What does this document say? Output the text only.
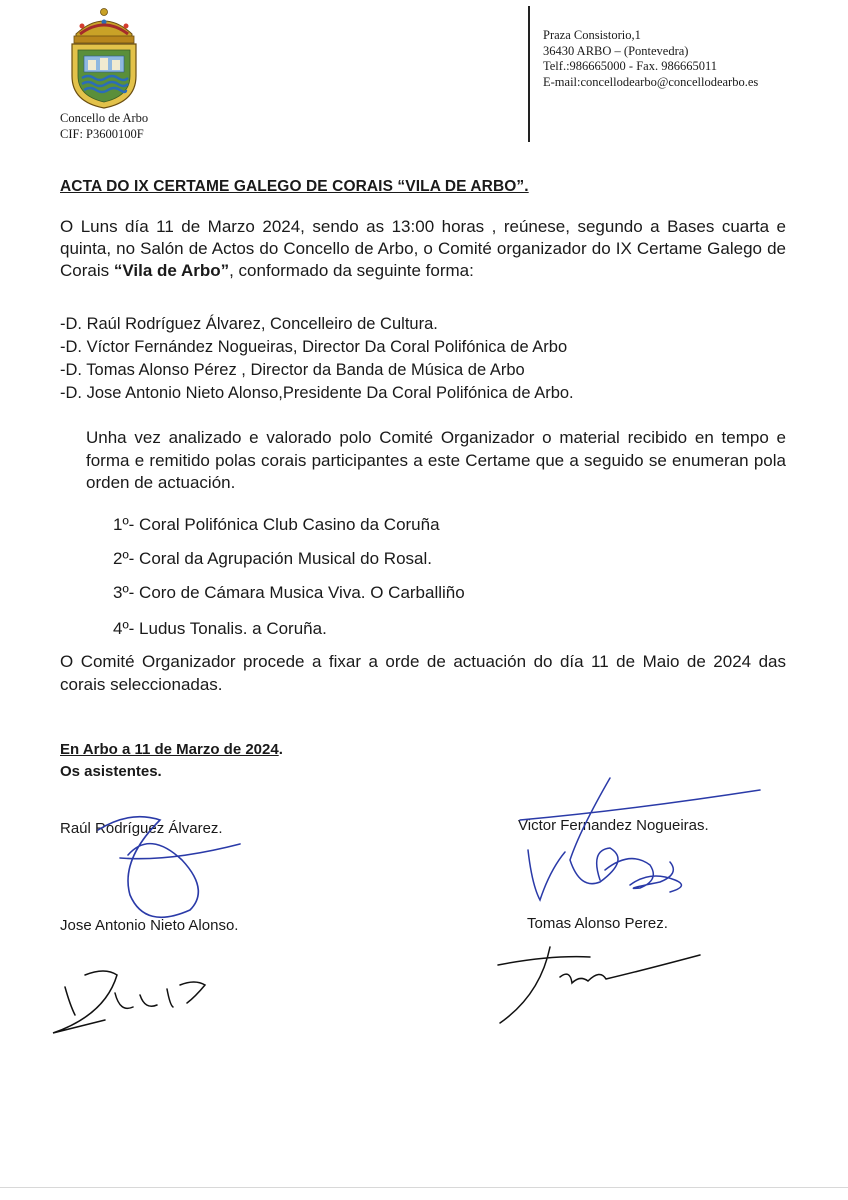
Concello de Arbo
CIF: P3600100F
Praza Consistorio,1
36430 ARBO – (Pontevedra)
Telf.:986665000 - Fax. 986665011
E-mail:concellodearbo@concellodearbo.es
ACTA DO IX CERTAME GALEGO DE CORAIS “VILA DE ARBO”.
O Luns día 11 de Marzo 2024, sendo as 13:00 horas , reúnese, segundo a Bases cuarta e quinta, no Salón de Actos do Concello de Arbo, o Comité organizador do IX Certame Galego de Corais “Vila de Arbo”, conformado da seguinte forma:
-D. Raúl Rodríguez Álvarez, Concelleiro de Cultura.
-D. Víctor Fernández Nogueiras, Director Da Coral Polifónica de Arbo
-D. Tomas Alonso Pérez , Director da Banda de Música de Arbo
-D. Jose Antonio Nieto Alonso,Presidente Da Coral Polifónica de Arbo.
Unha vez analizado e valorado polo Comité Organizador o material recibido en tempo e forma e remitido polas corais participantes a este Certame que a seguido se enumeran pola orden de actuación.
1º- Coral Polifónica Club Casino da Coruña
2º- Coral da Agrupación Musical do Rosal.
3º- Coro de Cámara Musica Viva. O Carballiño
4º- Ludus Tonalis. a Coruña.
O Comité Organizador procede a fixar a orde de actuación do día 11 de Maio de 2024 das corais seleccionadas.
En Arbo a 11 de Marzo de 2024.
Os asistentes.
Raúl Rodríguez Álvarez.	Victor Fernandez Nogueiras.
Jose Antonio Nieto Alonso.	Tomas Alonso Perez.
